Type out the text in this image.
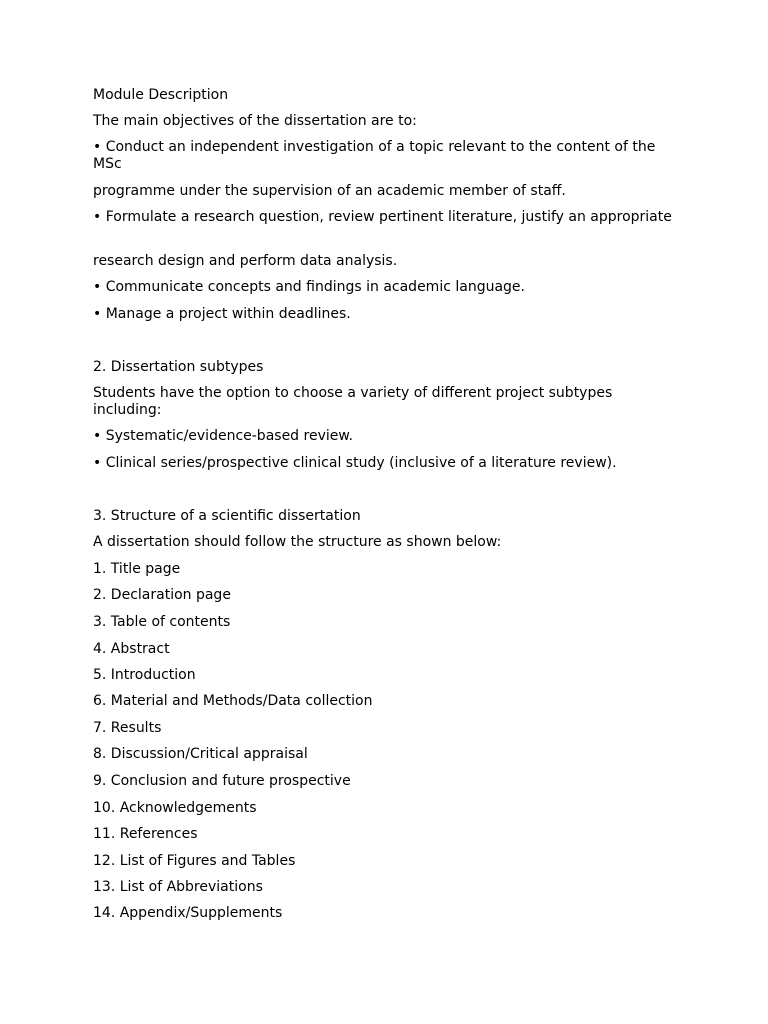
Module Description
The main objectives of the dissertation are to:
• Conduct an independent investigation of a topic relevant to the content of the MSc
programme under the supervision of an academic member of staff.
• Formulate a research question, review pertinent literature, justify an appropriate
research design and perform data analysis.
• Communicate concepts and findings in academic language.
• Manage a project within deadlines.
2. Dissertation subtypes
Students have the option to choose a variety of different project subtypes including:
• Systematic/evidence-based review.
• Clinical series/prospective clinical study (inclusive of a literature review).
3. Structure of a scientific dissertation
A dissertation should follow the structure as shown below:
1. Title page
2. Declaration page
3. Table of contents
4. Abstract
5. Introduction
6. Material and Methods/Data collection
7. Results
8. Discussion/Critical appraisal
9. Conclusion and future prospective
10. Acknowledgements
11. References
12. List of Figures and Tables
13. List of Abbreviations
14. Appendix/Supplements
